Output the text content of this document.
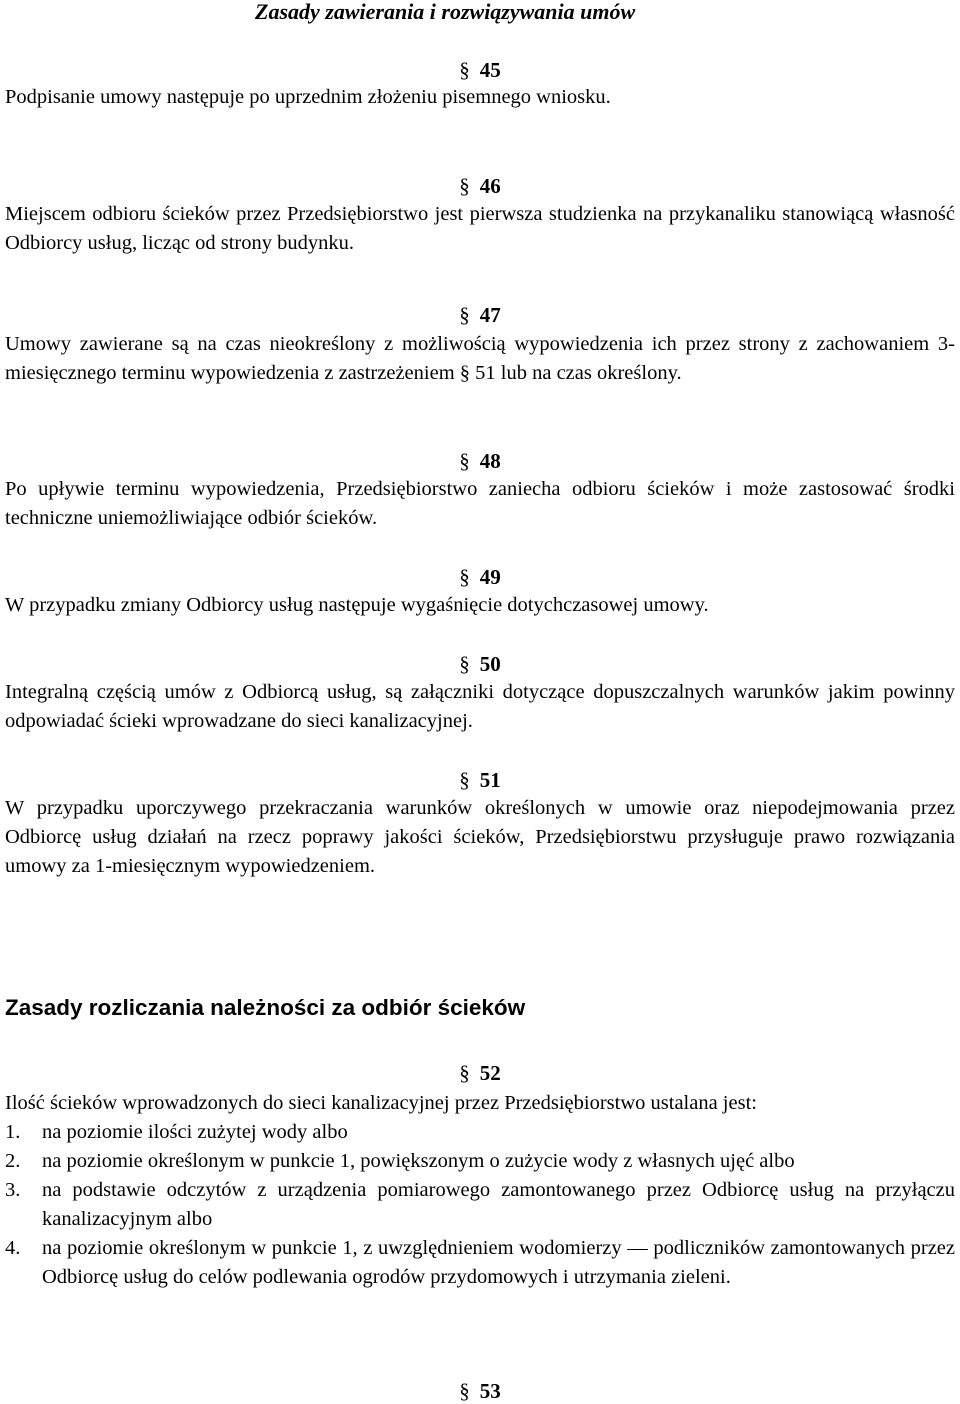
Zasady zawierania i rozwiązywania umów
§ 45
Podpisanie umowy następuje po uprzednim złożeniu pisemnego wniosku.
§ 46
Miejscem odbioru ścieków przez Przedsiębiorstwo jest pierwsza studzienka na przykanaliku stanowiącą własność Odbiorcy usług, licząc od strony budynku.
§ 47
Umowy zawierane są na czas nieokreślony z możliwością wypowiedzenia ich przez strony z zachowaniem 3-miesięcznego terminu wypowiedzenia z zastrzeżeniem § 51 lub na czas określony.
§ 48
Po upływie terminu wypowiedzenia, Przedsiębiorstwo zaniecha odbioru ścieków i może zastosować środki techniczne uniemożliwiające odbiór ścieków.
§ 49
W przypadku zmiany Odbiorcy usług następuje wygaśnięcie dotychczasowej umowy.
§ 50
Integralną częścią umów z Odbiorcą usług, są załączniki dotyczące dopuszczalnych warunków jakim powinny odpowiadać ścieki wprowadzane do sieci kanalizacyjnej.
§ 51
W przypadku uporczywego przekraczania warunków określonych w umowie oraz niepodejmowania przez Odbiorcę usług działań na rzecz poprawy jakości ścieków, Przedsiębiorstwu przysługuje prawo rozwiązania umowy za 1-miesięcznym wypowiedzeniem.
Zasady rozliczania należności za odbiór ścieków
§ 52
Ilość ścieków wprowadzonych do sieci kanalizacyjnej przez Przedsiębiorstwo ustalana jest:
1. na poziomie ilości zużytej wody albo
2. na poziomie określonym w punkcie 1, powiększonym o zużycie wody z własnych ujęć albo
3. na podstawie odczytów z urządzenia pomiarowego zamontowanego przez Odbiorcę usług na przyłączu kanalizacyjnym albo
4. na poziomie określonym w punkcie 1, z uwzględnieniem wodomierzy — podliczników zamontowanych przez Odbiorcę usług do celów podlewania ogrodów przydomowych i utrzymania zieleni.
§ 53
